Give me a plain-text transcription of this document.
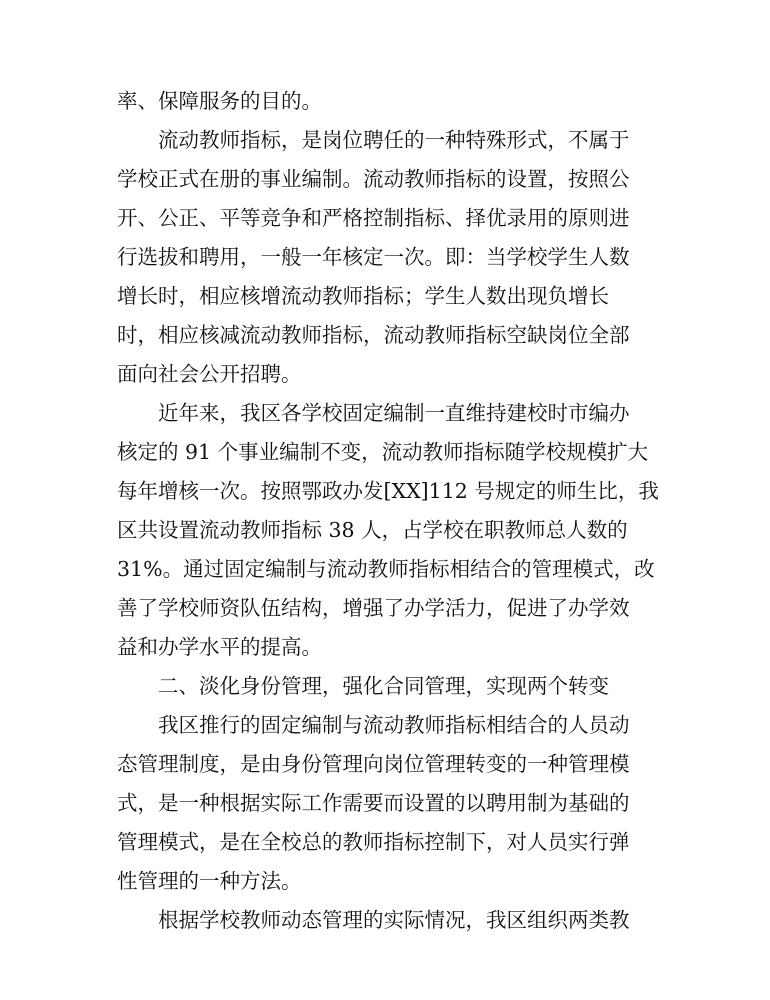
率、保障服务的目的。
流动教师指标，是岗位聘任的一种特殊形式，不属于
学校正式在册的事业编制。流动教师指标的设置，按照公
开、公正、平等竞争和严格控制指标、择优录用的原则进
行选拔和聘用，一般一年核定一次。即：当学校学生人数
增长时，相应核增流动教师指标；学生人数出现负增长
时，相应核减流动教师指标，流动教师指标空缺岗位全部
面向社会公开招聘。
近年来，我区各学校固定编制一直维持建校时市编办
核定的 91 个事业编制不变，流动教师指标随学校规模扩大
每年增核一次。按照鄂政办发[XX]112 号规定的师生比，我
区共设置流动教师指标 38 人，占学校在职教师总人数的
31%。通过固定编制与流动教师指标相结合的管理模式，改
善了学校师资队伍结构，增强了办学活力，促进了办学效
益和办学水平的提高。
二、淡化身份管理，强化合同管理，实现两个转变
我区推行的固定编制与流动教师指标相结合的人员动
态管理制度，是由身份管理向岗位管理转变的一种管理模
式，是一种根据实际工作需要而设置的以聘用制为基础的
管理模式，是在全校总的教师指标控制下，对人员实行弹
性管理的一种方法。
根据学校教师动态管理的实际情况，我区组织两类教
